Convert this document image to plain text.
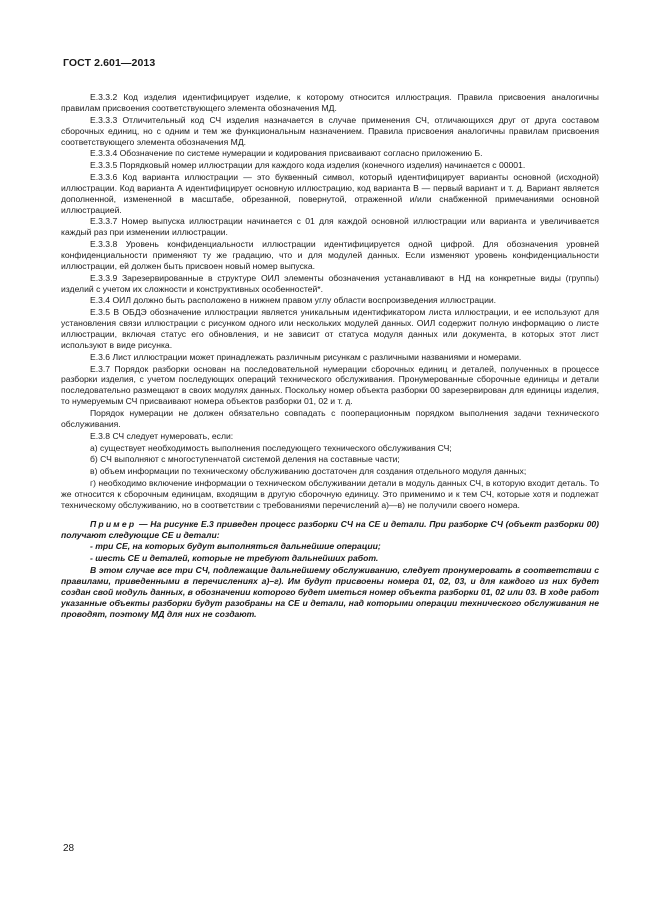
ГОСТ 2.601—2013

Е.3.3.2 Код изделия идентифицирует изделие, к которому относится иллюстрация. Правила присвоения аналогичны правилам присвоения соответствующего элемента обозначения МД.

Е.3.3.3 Отличительный код СЧ изделия назначается в случае применения СЧ, отличающихся друг от друга составом сборочных единиц, но с одним и тем же функциональным назначением. Правила присвоения аналогичны правилам присвоения соответствующего элемента обозначения МД.

Е.3.3.4 Обозначение по системе нумерации и кодирования присваивают согласно приложению Б.

Е.3.3.5 Порядковый номер иллюстрации для каждого кода изделия (конечного изделия) начинается с 00001.

Е.3.3.6 Код варианта иллюстрации — это буквенный символ, который идентифицирует варианты основной (исходной) иллюстрации. Код варианта А идентифицирует основную иллюстрацию, код варианта В — первый вариант и т. д. Вариант является дополненной, измененной в масштабе, обрезанной, повернутой, отраженной и/или снабженной примечаниями основной иллюстрацией.

Е.3.3.7 Номер выпуска иллюстрации начинается с 01 для каждой основной иллюстрации или варианта и увеличивается каждый раз при изменении иллюстрации.

Е.3.3.8 Уровень конфиденциальности иллюстрации идентифицируется одной цифрой. Для обозначения уровней конфиденциальности применяют ту же градацию, что и для модулей данных. Если изменяют уровень конфиденциальности иллюстрации, ей должен быть присвоен новый номер выпуска.

Е.3.3.9 Зарезервированные в структуре ОИЛ элементы обозначения устанавливают в НД на конкретные виды (группы) изделий с учетом их сложности и конструктивных особенностей*.

Е.3.4 ОИЛ должно быть расположено в нижнем правом углу области воспроизведения иллюстрации.

Е.3.5 В ОБДЭ обозначение иллюстрации является уникальным идентификатором листа иллюстрации, и ее используют для установления связи иллюстрации с рисунком одного или нескольких модулей данных. ОИЛ содержит полную информацию о листе иллюстрации, включая статус его обновления, и не зависит от статуса модуля данных или документа, в которых этот лист используют в виде рисунка.

Е.3.6 Лист иллюстрации может принадлежать различным рисункам с различными названиями и номерами.

Е.3.7 Порядок разборки основан на последовательной нумерации сборочных единиц и деталей, полученных в процессе разборки изделия, с учетом последующих операций технического обслуживания. Пронумерованные сборочные единицы и детали последовательно размещают в своих модулях данных. Поскольку номер объекта разборки 00 зарезервирован для единицы изделия, то нумеруемым СЧ присваивают номера объектов разборки 01, 02 и т. д.

Порядок нумерации не должен обязательно совпадать с пооперационным порядком выполнения задачи технического обслуживания.

Е.3.8 СЧ следует нумеровать, если:

а) существует необходимость выполнения последующего технического обслуживания СЧ;

б) СЧ выполняют с многоступенчатой системой деления на составные части;

в) объем информации по техническому обслуживанию достаточен для создания отдельного модуля данных;

г) необходимо включение информации о техническом обслуживании детали в модуль данных СЧ, в которую входит деталь. То же относится к сборочным единицам, входящим в другую сборочную единицу. Это применимо и к тем СЧ, которые хотя и подлежат техническому обслуживанию, но в соответствии с требованиями перечислений а)—в) не получили своего номера.

Пример — На рисунке Е.3 приведен процесс разборки СЧ на СЕ и детали. При разборке СЧ (объект разборки 00) получают следующие СЕ и детали:

- три СЕ, на которых будут выполняться дальнейшие операции;

- шесть СЕ и деталей, которые не требуют дальнейших работ.

В этом случае все три СЧ, подлежащие дальнейшему обслуживанию, следует пронумеровать в соответствии с правилами, приведенными в перечислениях а)–г). Им будут присвоены номера 01, 02, 03, и для каждого из них будет создан свой модуль данных, в обозначении которого будет иметься номер объекта разборки 01, 02 или 03. В ходе работ указанные объекты разборки будут разобраны на СЕ и детали, над которыми операции технического обслуживания не проводят, поэтому МД для них не создают.

28
